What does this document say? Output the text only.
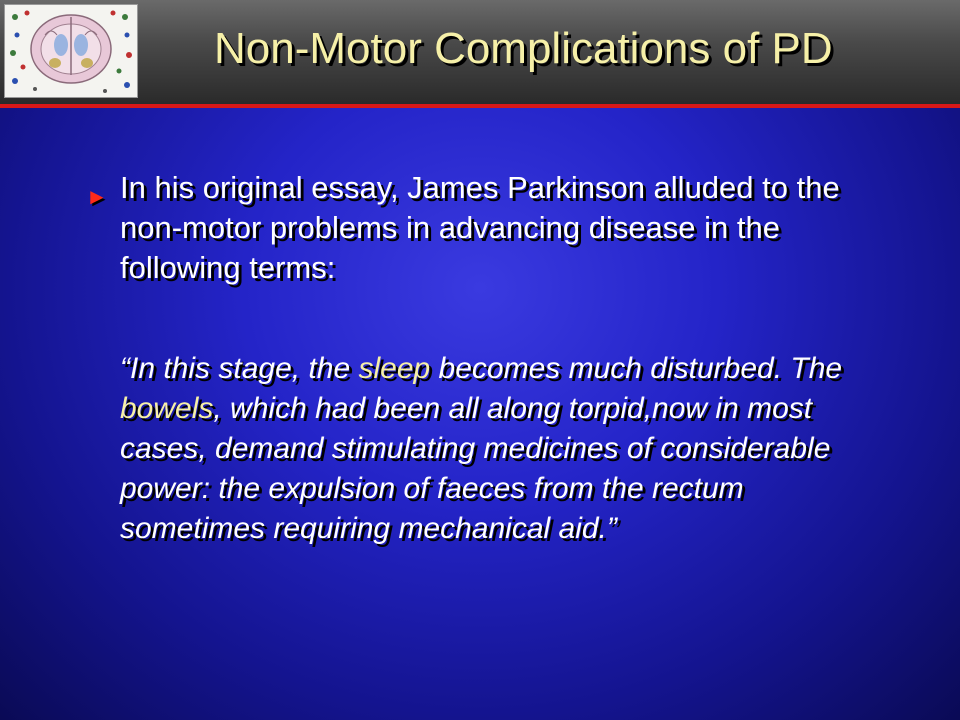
Non-Motor Complications of PD
► In his original essay, James Parkinson alluded to the non-motor problems in advancing disease in the following terms:
“In this stage, the sleep becomes much disturbed. The bowels, which had been all along torpid,now in most cases, demand stimulating medicines of considerable power: the expulsion of faeces from the rectum sometimes requiring mechanical aid.”
